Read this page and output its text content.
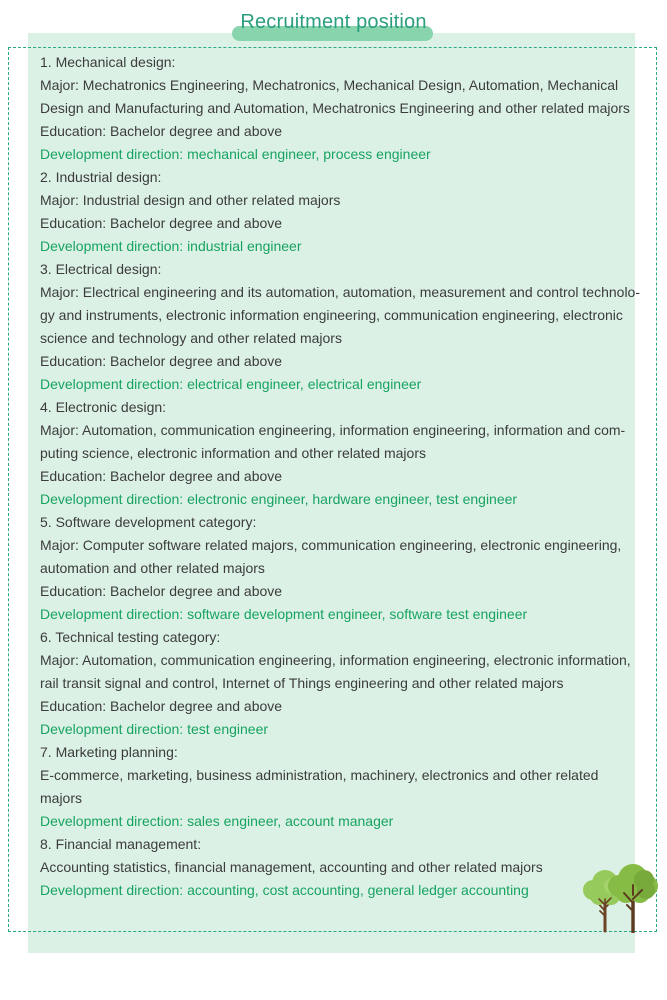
Recruitment position
1. Mechanical design:
Major: Mechatronics Engineering, Mechatronics, Mechanical Design, Automation, Mechanical
Design and Manufacturing and Automation, Mechatronics Engineering and other related majors
Education: Bachelor degree and above
Development direction: mechanical engineer, process engineer
2. Industrial design:
Major: Industrial design and other related majors
Education: Bachelor degree and above
Development direction: industrial engineer
3. Electrical design:
Major: Electrical engineering and its automation, automation, measurement and control technolo-
gy and instruments, electronic information engineering, communication engineering, electronic
science and technology and other related majors
Education: Bachelor degree and above
Development direction: electrical engineer, electrical engineer
4. Electronic design:
Major: Automation, communication engineering, information engineering, information and com-
puting science, electronic information and other related majors
Education: Bachelor degree and above
Development direction: electronic engineer, hardware engineer, test engineer
5. Software development category:
Major: Computer software related majors, communication engineering, electronic engineering,
automation and other related majors
Education: Bachelor degree and above
Development direction: software development engineer, software test engineer
6. Technical testing category:
Major: Automation, communication engineering, information engineering, electronic information,
rail transit signal and control, Internet of Things engineering and other related majors
Education: Bachelor degree and above
Development direction: test engineer
7. Marketing planning:
E-commerce, marketing, business administration, machinery, electronics and other related
majors
Development direction: sales engineer, account manager
8. Financial management:
Accounting statistics, financial management, accounting and other related majors
Development direction: accounting, cost accounting, general ledger accounting
